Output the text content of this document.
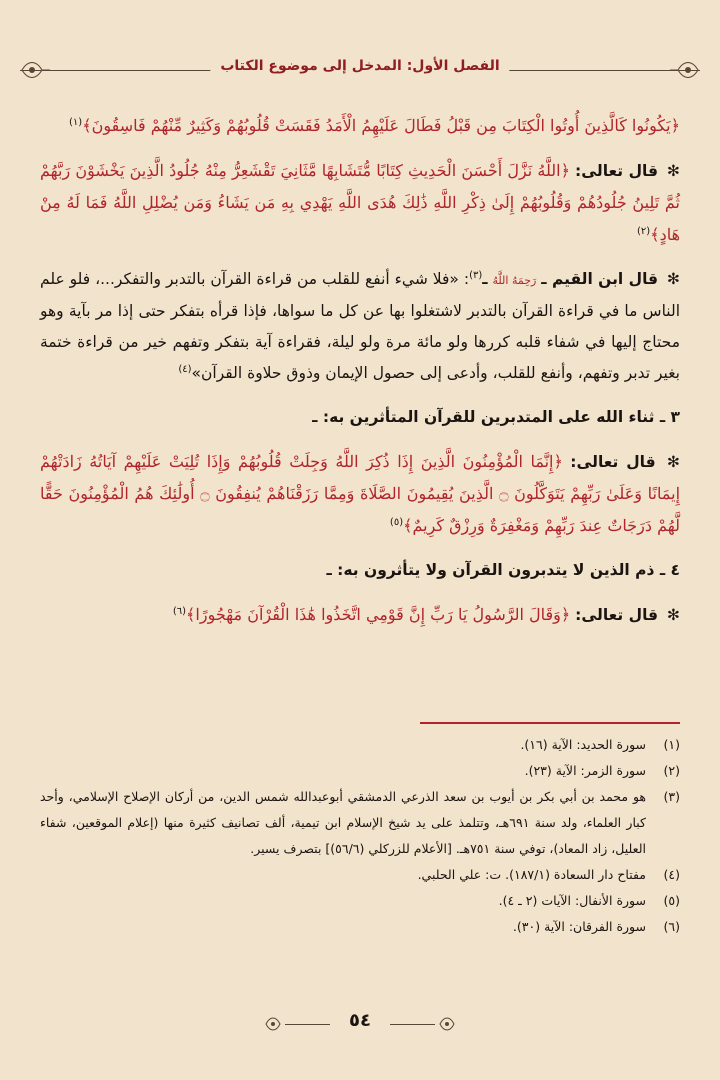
الفصل الأول: المدخل إلى موضوع الكتاب

﴿يَكُونُوا كَالَّذِينَ أُوتُوا الْكِتَابَ مِن قَبْلُ فَطَالَ عَلَيْهِمُ الْأَمَدُ فَقَسَتْ قُلُوبُهُمْ وَكَثِيرٌ مِّنْهُمْ فَاسِقُونَ﴾$^{(١)}$

✻ قال تعالى: ﴿اللَّهُ نَزَّلَ أَحْسَنَ الْحَدِيثِ كِتَابًا مُّتَشَابِهًا مَّثَانِيَ تَقْشَعِرُّ مِنْهُ جُلُودُ الَّذِينَ يَخْشَوْنَ رَبَّهُمْ ثُمَّ تَلِينُ جُلُودُهُمْ وَقُلُوبُهُمْ إِلَىٰ ذِكْرِ اللَّهِ ذَٰلِكَ هُدَى اللَّهِ يَهْدِي بِهِ مَن يَشَاءُ وَمَن يُضْلِلِ اللَّهُ فَمَا لَهُ مِنْ هَادٍ﴾$^{(٢)}$

✻ قال ابن القيم ـ رَحِمَهُ اللَّهُ ـ$^{(٣)}$: «فلا شيء أنفع للقلب من قراءة القرآن بالتدبر والتفكر...، فلو علم الناس ما في قراءة القرآن بالتدبر لاشتغلوا بها عن كل ما سواها، فإذا قرأه بتفكر حتى إذا مر بآية وهو محتاج إليها في شفاء قلبه كررها ولو مائة مرة ولو ليلة، فقراءة آية بتفكر وتفهم خير من قراءة ختمة بغير تدبر وتفهم، وأنفع للقلب، وأدعى إلى حصول الإيمان وذوق حلاوة القرآن»$^{(٤)}$

٣ ـ ثناء الله على المتدبرين للقرآن المتأثرين به: ـ

✻ قال تعالى: ﴿إِنَّمَا الْمُؤْمِنُونَ الَّذِينَ إِذَا ذُكِرَ اللَّهُ وَجِلَتْ قُلُوبُهُمْ وَإِذَا تُلِيَتْ عَلَيْهِمْ آيَاتُهُ زَادَتْهُمْ إِيمَانًا وَعَلَىٰ رَبِّهِمْ يَتَوَكَّلُونَ ۝ الَّذِينَ يُقِيمُونَ الصَّلَاةَ وَمِمَّا رَزَقْنَاهُمْ يُنفِقُونَ ۝ أُولَٰئِكَ هُمُ الْمُؤْمِنُونَ حَقًّا لَّهُمْ دَرَجَاتٌ عِندَ رَبِّهِمْ وَمَغْفِرَةٌ وَرِزْقٌ كَرِيمٌ﴾$^{(٥)}$

٤ ـ ذم الذين لا يتدبرون القرآن ولا يتأثرون به: ـ

✻ قال تعالى: ﴿وَقَالَ الرَّسُولُ يَا رَبِّ إِنَّ قَوْمِي اتَّخَذُوا هَٰذَا الْقُرْآنَ مَهْجُورًا﴾$^{(٦)}$

(١)
سورة الحديد: الآية (١٦).
(٢)
سورة الزمر: الآية (٢٣).
(٣)
هو محمد بن أبي بكر بن أيوب بن سعد الذرعي الدمشقي أبوعبدالله شمس الدين، من أركان الإصلاح الإسلامي، وأحد كبار العلماء، ولد سنة ٦٩١هـ، وتتلمذ على يد شيخ الإسلام ابن تيمية، ألف تصانيف كثيرة منها (إعلام الموقعين، شفاء العليل، زاد المعاد)، توفي سنة ٧٥١هـ. [الأعلام للزركلي (٥٦/٦)] بتصرف يسير.
(٤)
مفتاح دار السعادة (١٨٧/١). ت: علي الحلبي.
(٥)
سورة الأنفال: الآيات (٢ ـ ٤).
(٦)
سورة الفرقان: الآية (٣٠).
٥٤
